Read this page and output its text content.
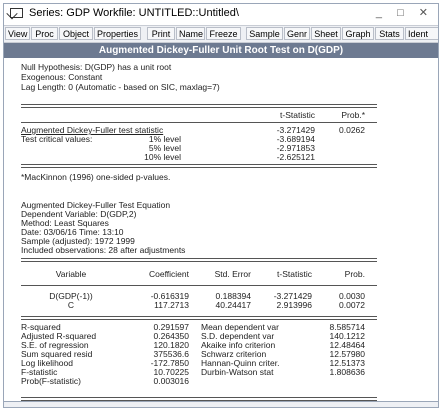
Series: GDP Workfile: UNTITLED::Untitled\	_ □ ✕
View Proc	Object Properties	Print Name Freeze	Sample Genr Sheet Graph Stats Ident
Augmented Dickey-Fuller Unit Root Test on D(GDP)
Null Hypothesis: D(GDP) has a unit root
Exogenous: Constant
Lag Length: 0 (Automatic - based on SIC, maxlag=7)
t-Statistic	Prob.*
Augmented Dickey-Fuller test statistic	-3.271429	0.0262
Test critical values:	1% level	-3.689194
5% level	-2.971853
10% level	-2.625121
*MacKinnon (1996) one-sided p-values.
Augmented Dickey-Fuller Test Equation
Dependent Variable: D(GDP,2)
Method: Least Squares
Date: 03/06/16 Time: 13:10
Sample (adjusted): 1972 1999
Included observations: 28 after adjustments
Variable	Coefficient	Std. Error	t-Statistic	Prob.
D(GDP(-1))	-0.616319	0.188394	-3.271429	0.0030
C	117.2713	40.24417	2.913996	0.0072
R-squared	0.291597 Mean dependent var	8.585714
Adjusted R-squared	0.264350 S.D. dependent var	140.1212
S.E. of regression	120.1820 Akaike info criterion	12.48464
Sum squared resid	375536.6 Schwarz criterion	12.57980
Log likelihood	-172.7850 Hannan-Quinn criter.	12.51373
F-statistic	10.70225 Durbin-Watson stat	1.808636
Prob(F-statistic)	0.003016
